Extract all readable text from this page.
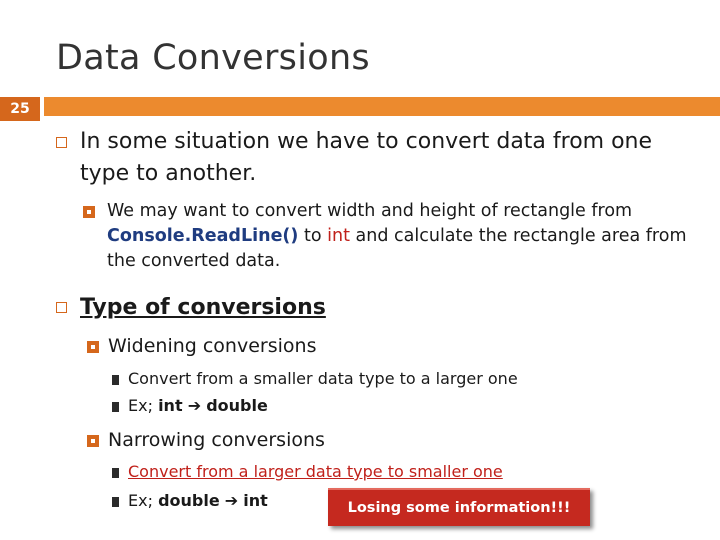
Data Conversions
25
In some situation we have to convert data from one type to another.
We may want to convert width and height of rectangle from Console.ReadLine() to int and calculate the rectangle area from the converted data.
Type of conversions
Widening conversions
Convert from a smaller data type to a larger one
Ex; int ➔ double
Narrowing conversions
Convert from a larger data type to smaller one
Ex; double ➔ int	Losing some information!!!
